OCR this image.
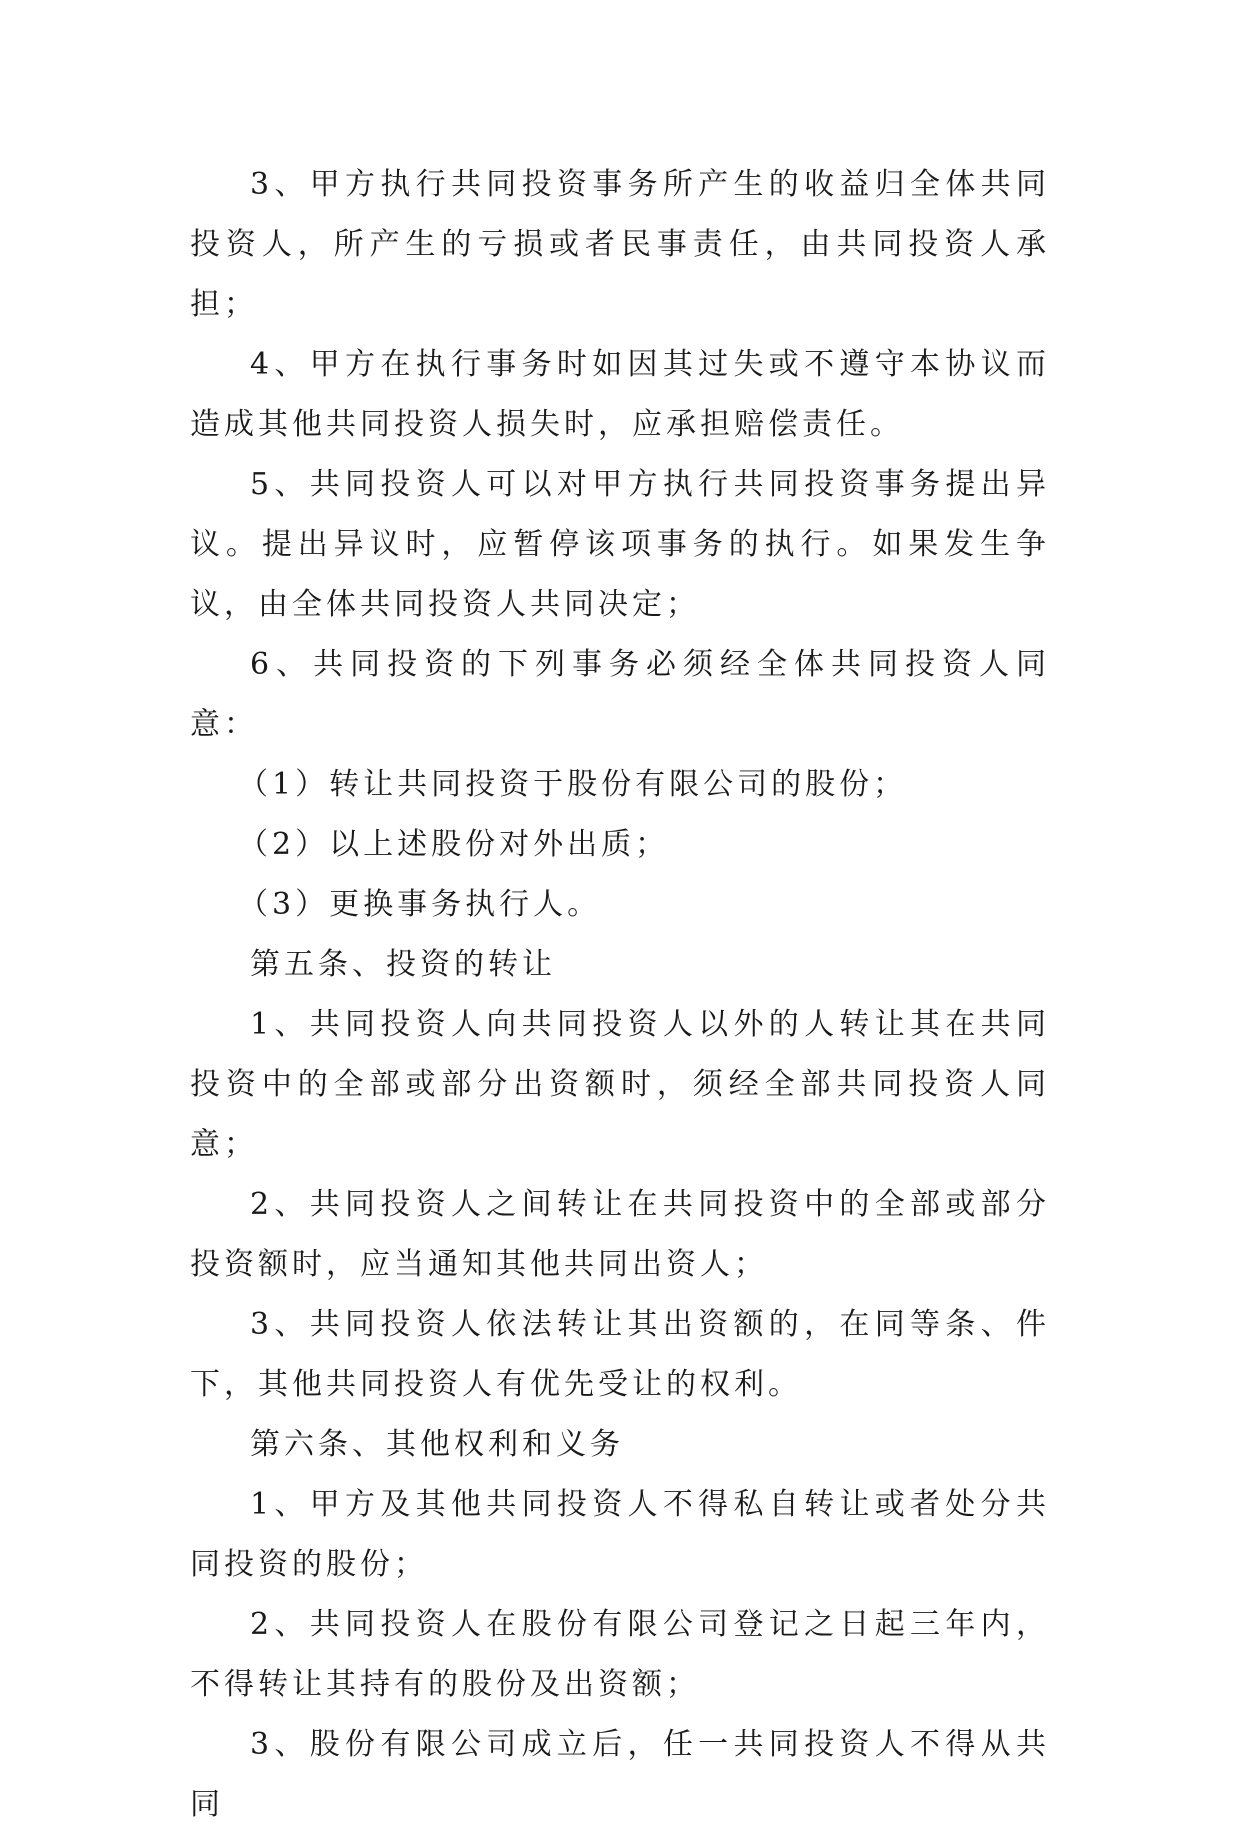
3、甲方执行共同投资事务所产生的收益归全体共同投资人，所产生的亏损或者民事责任，由共同投资人承担；

4、甲方在执行事务时如因其过失或不遵守本协议而造成其他共同投资人损失时，应承担赔偿责任。

5、共同投资人可以对甲方执行共同投资事务提出异议。提出异议时，应暂停该项事务的执行。如果发生争议，由全体共同投资人共同决定；

6、共同投资的下列事务必须经全体共同投资人同意：

（1）转让共同投资于股份有限公司的股份；

（2）以上述股份对外出质；

（3）更换事务执行人。

第五条、投资的转让

1、共同投资人向共同投资人以外的人转让其在共同投资中的全部或部分出资额时，须经全部共同投资人同意；

2、共同投资人之间转让在共同投资中的全部或部分投资额时，应当通知其他共同出资人；

3、共同投资人依法转让其出资额的，在同等条、件下，其他共同投资人有优先受让的权利。

第六条、其他权利和义务

1、甲方及其他共同投资人不得私自转让或者处分共同投资的股份；

2、共同投资人在股份有限公司登记之日起三年内，不得转让其持有的股份及出资额；

3、股份有限公司成立后，任一共同投资人不得从共同
